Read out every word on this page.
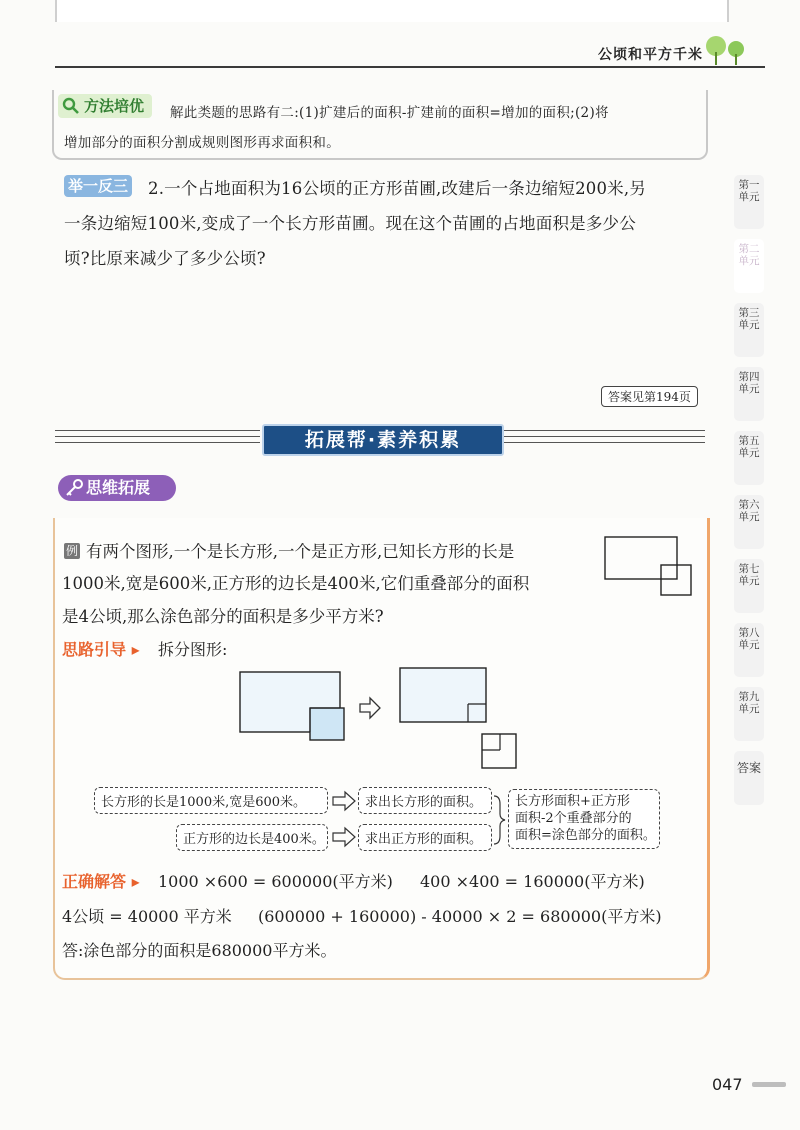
公顷和平方千米
方法培优	解此类题的思路有二:(1)扩建后的面积-扩建前的面积=增加的面积;(2)将
增加部分的面积分割成规则图形再求面积和。
举一反三 2.一个占地面积为16公顷的正方形苗圃,改建后一条边缩短200米,另
一条边缩短100米,变成了一个长方形苗圃。现在这个苗圃的占地面积是多少公
顷?比原来减少了多少公顷?
答案见第194页
拓展帮·素养积累
思维拓展
例 有两个图形,一个是长方形,一个是正方形,已知长方形的长是
1000米,宽是600米,正方形的边长是400米,它们重叠部分的面积
是4公顷,那么涂色部分的面积是多少平方米?
思路引导 ▸ 拆分图形:
长方形的长是1000米,宽是600米。
正方形的边长是400米。
求出长方形的面积。
求出正方形的面积。
长方形面积+正方形
面积-2个重叠部分的
面积=涂色部分的面积。
正确解答 ▸ 1000 ×600 = 600000(平方米) 400 ×400 = 160000(平方米)
4公顷 = 40000 平方米 (600000 + 160000) - 40000 × 2 = 680000(平方米)
答:涂色部分的面积是680000平方米。
第一单元
第二单元
第三单元
第四单元
第五单元
第六单元
第七单元
第八单元
第九单元
答案
047
